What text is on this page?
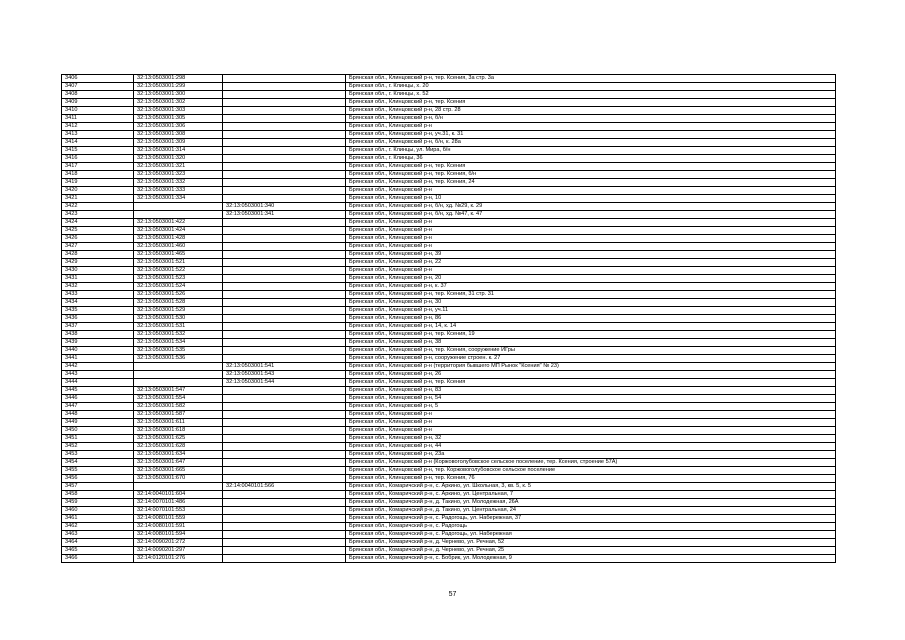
3406	32:13:0503001:298		Брянская обл., Клинцовский р-н, тер. Ксения, 3а стр. 3а
3407	32:13:0503001:299		Брянская обл., г. Клинцы, х. 20
3408	32:13:0503001:300		Брянская обл., г. Клинцы, х. 52
3409	32:13:0503001:302		Брянская обл., Клинцовский р-н, тер. Ксения
3410	32:13:0503001:303		Брянская обл., Клинцовский р-н, 28 стр. 28
3411	32:13:0503001:305		Брянская обл., Клинцовский р-н, б/н
3412	32:13:0503001:306		Брянская обл., Клинцовский р-н
3413	32:13:0503001:308		Брянская обл., Клинцовский р-н, уч.31, к. 31
3414	32:13:0503001:309		Брянская обл., Клинцовский р-н, б/н, к. 28а
3415	32:13:0503001:314		Брянская обл., г. Клинцы, ул. Мира, б/н
3416	32:13:0503001:320		Брянская обл., г. Клинцы, 36
3417	32:13:0503001:321		Брянская обл., Клинцовский р-н, тер. Ксения
3418	32:13:0503001:323		Брянская обл., Клинцовский р-н, тер. Ксения, б/н
3419	32:13:0503001:332		Брянская обл., Клинцовский р-н, тер. Ксения, 24
3420	32:13:0503001:333		Брянская обл., Клинцовский р-н
3421	32:13:0503001:334		Брянская обл., Клинцовский р-н, 10
3422		32:13:0503001:340	Брянская обл., Клинцовский р-н, б/н, хд. №29, к. 29
3423		32:13:0503001:341	Брянская обл., Клинцовский р-н, б/н, хд. №47, к. 47
3424	32:13:0503001:422		Брянская обл., Клинцовский р-н
3425	32:13:0503001:424		Брянская обл., Клинцовский р-н
3426	32:13:0503001:428		Брянская обл., Клинцовский р-н
3427	32:13:0503001:460		Брянская обл., Клинцовский р-н
3428	32:13:0503001:465		Брянская обл., Клинцовский р-н, 39
3429	32:13:0503001:521		Брянская обл., Клинцовский р-н, 22
3430	32:13:0503001:522		Брянская обл., Клинцовский р-н
3431	32:13:0503001:523		Брянская обл., Клинцовский р-н, 20
3432	32:13:0503001:524		Брянская обл., Клинцовский р-н, к. 37
3433	32:13:0503001:526		Брянская обл., Клинцовский р-н, тер. Ксения, 31 стр. 31
3434	32:13:0503001:528		Брянская обл., Клинцовский р-н, 30
3435	32:13:0503001:529		Брянская обл., Клинцовский р-н, уч.11
3436	32:13:0503001:530		Брянская обл., Клинцовский р-н, 86
3437	32:13:0503001:531		Брянская обл., Клинцовский р-н, 14, к. 14
3438	32:13:0503001:532		Брянская обл., Клинцовский р-н, тер. Ксения, 19
3439	32:13:0503001:534		Брянская обл., Клинцовский р-н, 38
3440	32:13:0503001:535		Брянская обл., Клинцовский р-н, тер. Ксения, сооружение ИГры
3441	32:13:0503001:536		Брянская обл., Клинцовский р-н, сооружение строен. к. 27
3442		32:13:0503001:541	Брянская обл., Клинцовский р-н (территория бывшего МП Рынок "Ксения" № 23)
3443		32:13:0503001:543	Брянская обл., Клинцовский р-н, 26
3444		32:13:0503001:544	Брянская обл., Клинцовский р-н, тер. Ксения
3445	32:13:0503001:547		Брянская обл., Клинцовский р-н, 83
3446	32:13:0503001:554		Брянская обл., Клинцовский р-н, 54
3447	32:13:0503001:582		Брянская обл., Клинцовский р-н, 5
3448	32:13:0503001:587		Брянская обл., Клинцовский р-н
3449	32:13:0503001:611		Брянская обл., Клинцовский р-н
3450	32:13:0503001:618		Брянская обл., Клинцовский р-н
3451	32:13:0503001:625		Брянская обл., Клинцовский р-н, 32
3452	32:13:0503001:628		Брянская обл., Клинцовский р-н, 44
3453	32:13:0503001:634		Брянская обл., Клинцовский р-н, 23а
3454	32:13:0503001:647		Брянская обл., Клинцовский р-н (Коржовоголубовское сельское поселение, тер. Ксения, строение 57А)
3455	32:13:0503001:665		Брянская обл., Клинцовский р-н, тер. Коржовоголубовское сельское поселение
3456	32:13:0503001:670		Брянская обл., Клинцовский р-н, тер. Ксения, 76
3457		32:14:0040101:566	Брянская обл., Комаричский р-н, с. Аркино, ул. Школьная, 3, кв. 5, к. 5
3458	32:14:0040101:604		Брянская обл., Комаричский р-н, с. Аркино, ул. Центральная, 7
3459	32:14:0070101:486		Брянская обл., Комаричский р-н, д. Такино, ул. Молодежная, 26А
3460	32:14:0070101:553		Брянская обл., Комаричский р-н, д. Такино, ул. Центральная, 24
3461	32:14:0080101:559		Брянская обл., Комаричский р-н, с. Радогощь, ул. Набережная, 37
3462	32:14:0080101:591		Брянская обл., Комаричский р-н, с. Радогощь
3463	32:14:0080101:594		Брянская обл., Комаричский р-н, с. Радогощь, ул. Набережная
3464	32:14:0090201:272		Брянская обл., Комаричский р-н, д. Чернево, ул. Речная, 52
3465	32:14:0090201:297		Брянская обл., Комаричский р-н, д. Чернево, ул. Речная, 25
3466	32:14:0120101:276		Брянская обл., Комаричский р-н, с. Бобрик, ул. Молодежная, 9
57
